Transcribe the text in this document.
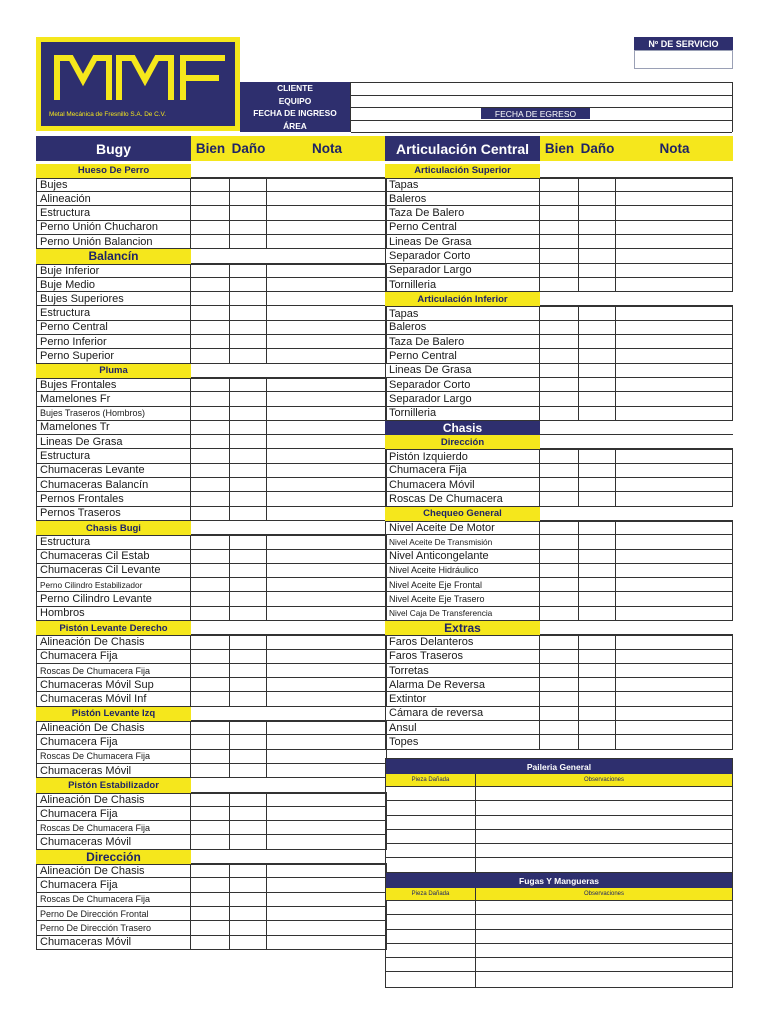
Metal Mecánica de Fresnillo S.A. De C.V.
Nº DE SERVICIO
CLIENTE
EQUIPO
FECHA DE INGRESO
ÁREA
FECHA DE EGRESO
Bugy	Bien Daño	Nota	Articulación Central	Bien Daño	Nota
Hueso De Perro
Bujes
Alineación
Estructura
Perno Unión Chucharon
Perno Unión Balancion
Balancín
Buje Inferior
Buje Medio
Bujes Superiores
Estructura
Perno Central
Perno Inferior
Perno Superior
Pluma
Bujes Frontales
Mamelones Fr
Bujes Traseros (Hombros)
Mamelones Tr
Lineas De Grasa
Estructura
Chumaceras Levante
Chumaceras Balancín
Pernos Frontales
Pernos Traseros
Chasis Bugi
Estructura
Chumaceras Cil Estab
Chumaceras Cil Levante
Perno Cilindro Estabilizador
Perno Cilindro Levante
Hombros
Pistón Levante Derecho
Alineación De Chasis
Chumacera Fija
Roscas De Chumacera Fija
Chumaceras Móvil Sup
Chumaceras Móvil Inf
Pistón Levante Izq
Alineación De Chasis
Chumacera Fija
Roscas De Chumacera Fija
Chumaceras Móvil
Pistón Estabilizador
Alineación De Chasis
Chumacera Fija
Roscas De Chumacera Fija
Chumaceras Móvil
Dirección
Alineación De Chasis
Chumacera Fija
Roscas De Chumacera Fija
Perno De Dirección Frontal
Perno De Dirección Trasero
Chumaceras Móvil
Articulación Superior
Tapas
Baleros
Taza De Balero
Perno Central
Lineas De Grasa
Separador Corto
Separador Largo
Tornilleria
Articulación Inferior
Tapas
Baleros
Taza De Balero
Perno Central
Lineas De Grasa
Separador Corto
Separador Largo
Tornilleria
Chasis
Dirección
Pistón Izquierdo
Chumacera Fija
Chumacera Móvil
Roscas De Chumacera
Chequeo General
Nivel Aceite De Motor
Nivel Aceite De Transmisión
Nivel Anticongelante
Nivel Aceite Hidráulico
Nivel Aceite Eje Frontal
Nivel Aceite Eje Trasero
Nivel Caja De Transferencia
Extras
Faros Delanteros
Faros Traseros
Torretas
Alarma De Reversa
Extintor
Cámara de reversa
Ansul
Topes
Paileria General
Pieza Dañada	Observaciones
Fugas Y Mangueras
Pieza Dañada	Observaciones
